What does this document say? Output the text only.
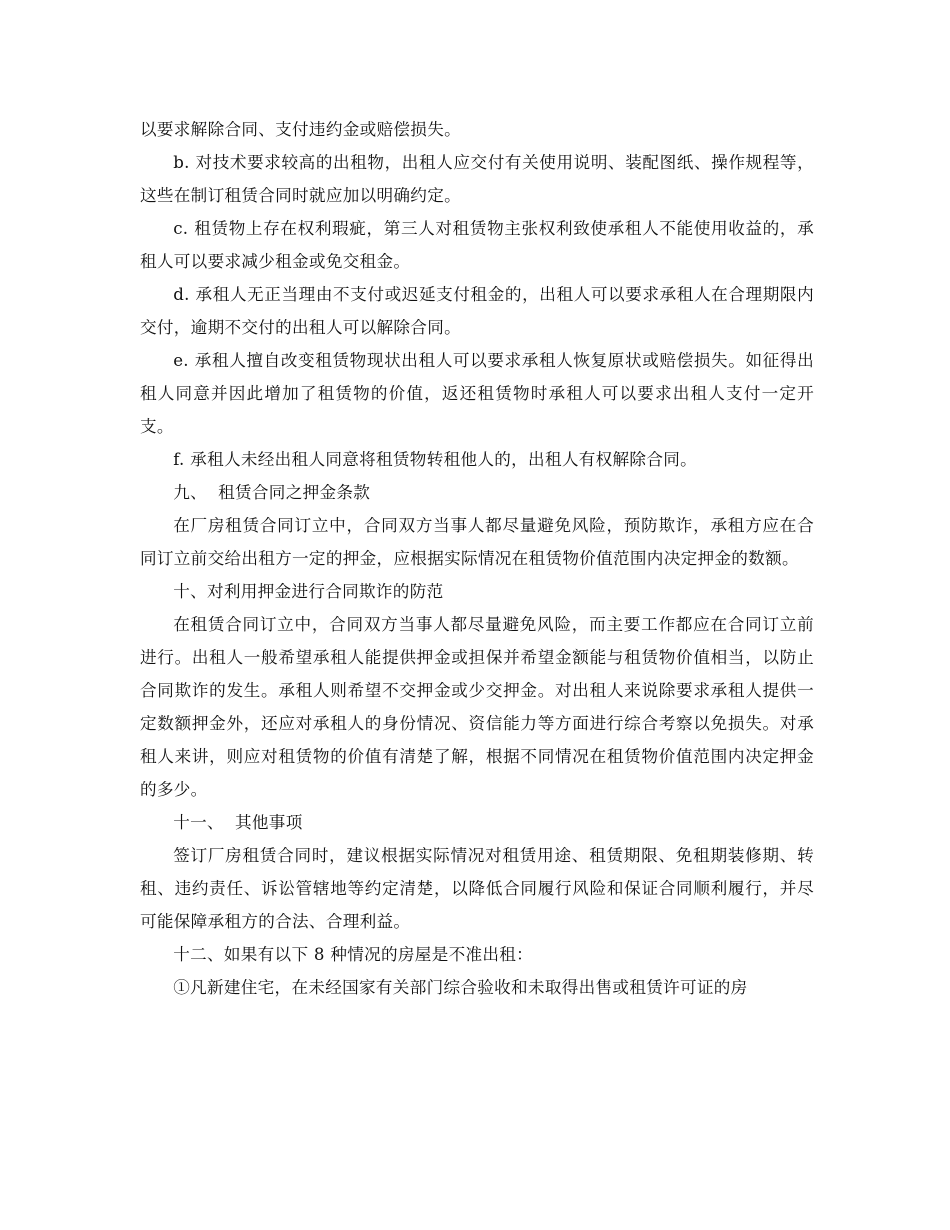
以要求解除合同、支付违约金或赔偿损失。

b. 对技术要求较高的出租物，出租人应交付有关使用说明、装配图纸、操作规程等，这些在制订租赁合同时就应加以明确约定。

c. 租赁物上存在权利瑕疵，第三人对租赁物主张权利致使承租人不能使用收益的，承租人可以要求减少租金或免交租金。

d. 承租人无正当理由不支付或迟延支付租金的，出租人可以要求承租人在合理期限内交付，逾期不交付的出租人可以解除合同。

e. 承租人擅自改变租赁物现状出租人可以要求承租人恢复原状或赔偿损失。如征得出租人同意并因此增加了租赁物的价值，返还租赁物时承租人可以要求出租人支付一定开支。

f. 承租人未经出租人同意将租赁物转租他人的，出租人有权解除合同。

九、  租赁合同之押金条款

在厂房租赁合同订立中，合同双方当事人都尽量避免风险，预防欺诈，承租方应在合同订立前交给出租方一定的押金，应根据实际情况在租赁物价值范围内决定押金的数额。

十、对利用押金进行合同欺诈的防范

在租赁合同订立中，合同双方当事人都尽量避免风险，而主要工作都应在合同订立前进行。出租人一般希望承租人能提供押金或担保并希望金额能与租赁物价值相当，以防止合同欺诈的发生。承租人则希望不交押金或少交押金。对出租人来说除要求承租人提供一定数额押金外，还应对承租人的身份情况、资信能力等方面进行综合考察以免损失。对承租人来讲，则应对租赁物的价值有清楚了解，根据不同情况在租赁物价值范围内决定押金的多少。

十一、  其他事项

签订厂房租赁合同时，建议根据实际情况对租赁用途、租赁期限、免租期装修期、转租、违约责任、诉讼管辖地等约定清楚，以降低合同履行风险和保证合同顺利履行，并尽可能保障承租方的合法、合理利益。

十二、如果有以下 8 种情况的房屋是不准出租：

①凡新建住宅，在未经国家有关部门综合验收和未取得出售或租赁许可证的房
